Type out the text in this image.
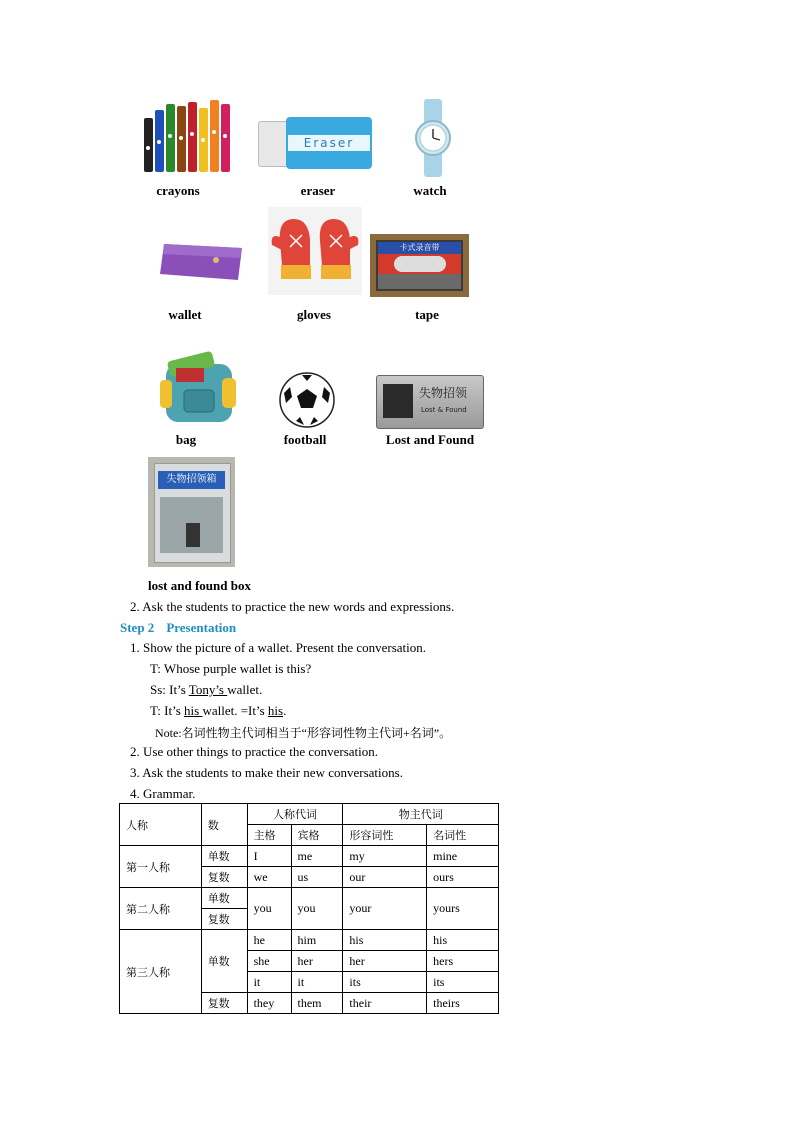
crayons
Eraser
eraser	watch
wallet	gloves
卡式录音带
tape
bag	football
失物招领
Lost & Found
Lost and Found
失物招领箱
lost and found box
2. Ask the students to practice the new words and expressions.
Step 2 Presentation
1. Show the picture of a wallet. Present the conversation.
T: Whose purple wallet is this?
Ss: It’s Tony’s wallet.
T: It’s his wallet. =It’s his.
Note:名词性物主代词相当于“形容词性物主代词+名词”。
2. Use other things to practice the conversation.
3. Ask the students to make their new conversations.
4. Grammar.
人称	数	人称代词		物主代词	
		主格	宾格	形容词性	名词性
第一人称	单数	I	me	my	mine
	复数	we	us	our	ours
第二人称	单数	you	you	your	yours
	复数				
第三人称	单数	he	him	his	his
		she	her	her	hers
		it	it	its	its
	复数	they	them	their	theirs
